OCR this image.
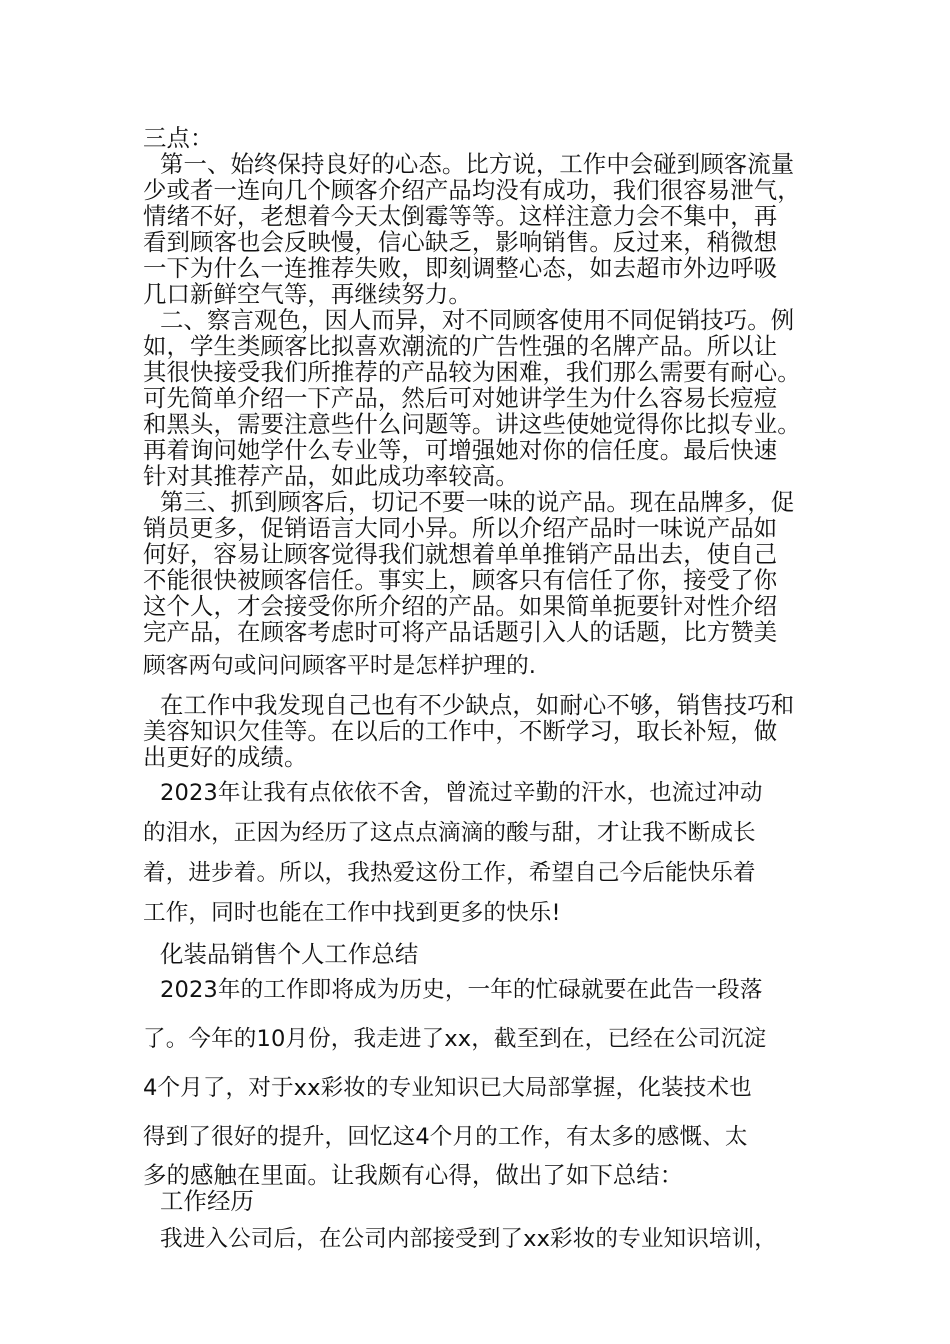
三点：
第一、始终保持良好的心态。比方说，工作中会碰到顾客流量
少或者一连向几个顾客介绍产品均没有成功，我们很容易泄气，
情绪不好，老想着今天太倒霉等等。这样注意力会不集中，再
看到顾客也会反映慢，信心缺乏，影响销售。反过来，稍微想
一下为什么一连推荐失败，即刻调整心态，如去超市外边呼吸
几口新鲜空气等，再继续努力。
二、察言观色，因人而异，对不同顾客使用不同促销技巧。例
如，学生类顾客比拟喜欢潮流的广告性强的名牌产品。所以让
其很快接受我们所推荐的产品较为困难，我们那么需要有耐心。
可先简单介绍一下产品，然后可对她讲学生为什么容易长痘痘
和黑头，需要注意些什么问题等。讲这些使她觉得你比拟专业。
再着询问她学什么专业等，可增强她对你的信任度。最后快速
针对其推荐产品，如此成功率较高。
第三、抓到顾客后，切记不要一味的说产品。现在品牌多，促
销员更多，促销语言大同小异。所以介绍产品时一味说产品如
何好，容易让顾客觉得我们就想着单单推销产品出去，使自己
不能很快被顾客信任。事实上，顾客只有信任了你，接受了你
这个人，才会接受你所介绍的产品。如果简单扼要针对性介绍
完产品，在顾客考虑时可将产品话题引入人的话题，比方赞美
顾客两句或问问顾客平时是怎样护理的.
在工作中我发现自己也有不少缺点，如耐心不够，销售技巧和
美容知识欠佳等。在以后的工作中，不断学习，取长补短，做
出更好的成绩。
2023年让我有点依依不舍，曾流过辛勤的汗水，也流过冲动
的泪水，正因为经历了这点点滴滴的酸与甜，才让我不断成长
着，进步着。所以，我热爱这份工作，希望自己今后能快乐着
工作，同时也能在工作中找到更多的快乐!
化装品销售个人工作总结
2023年的工作即将成为历史，一年的忙碌就要在此告一段落
了。今年的10月份，我走进了xx，截至到在，已经在公司沉淀
4个月了，对于xx彩妆的专业知识已大局部掌握，化装技术也
得到了很好的提升，回忆这4个月的工作，有太多的感慨、太
多的感触在里面。让我颇有心得，做出了如下总结：
工作经历
我进入公司后，在公司内部接受到了xx彩妆的专业知识培训，
